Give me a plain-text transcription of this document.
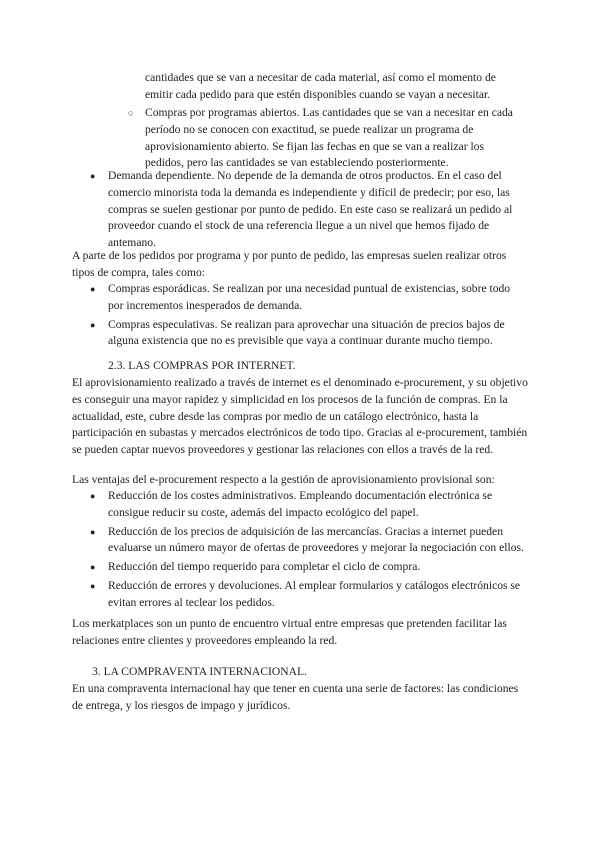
cantidades que se van a necesitar de cada material, así como el momento de emitir cada pedido para que estén disponibles cuando se vayan a necesitar.
○ Compras por programas abiertos. Las cantidades que se van a necesitar en cada período no se conocen con exactitud, se puede realizar un programa de aprovisionamiento abierto. Se fijan las fechas en que se van a realizar los pedidos, pero las cantidades se van estableciendo posteriormente.
● Demanda dependiente. No depende de la demanda de otros productos. En el caso del comercio minorista toda la demanda es independiente y difícil de predecir; por eso, las compras se suelen gestionar por punto de pedido. En este caso se realizará un pedido al proveedor cuando el stock de una referencia llegue a un nivel que hemos fijado de antemano.
A parte de los pedidos por programa y por punto de pedido, las empresas suelen realizar otros tipos de compra, tales como:
● Compras esporádicas. Se realizan por una necesidad puntual de existencias, sobre todo por incrementos inesperados de demanda.
● Compras especulativas. Se realizan para aprovechar una situación de precios bajos de alguna existencia que no es previsible que vaya a continuar durante mucho tiempo.
2.3. LAS COMPRAS POR INTERNET.
El aprovisionamiento realizado a través de internet es el denominado e-procurement, y su objetivo es conseguir una mayor rapidez y simplicidad en los procesos de la función de compras. En la actualidad, este, cubre desde las compras por medio de un catálogo electrónico, hasta la participación en subastas y mercados electrónicos de todo tipo. Gracias al e-procurement, también se pueden captar nuevos proveedores y gestionar las relaciones con ellos a través de la red.
Las ventajas del e-procurement respecto a la gestión de aprovisionamiento provisional son:
● Reducción de los costes administrativos. Empleando documentación electrónica se consigue reducir su coste, además del impacto ecológico del papel.
● Reducción de los precios de adquisición de las mercancías. Gracias a internet pueden evaluarse un número mayor de ofertas de proveedores y mejorar la negociación con ellos.
● Reducción del tiempo requerido para completar el ciclo de compra.
● Reducción de errores y devoluciones. Al emplear formularios y catálogos electrónicos se evitan errores al teclear los pedidos.
Los merkatplaces son un punto de encuentro virtual entre empresas que pretenden facilitar las relaciones entre clientes y proveedores empleando la red.
3. LA COMPRAVENTA INTERNACIONAL.
En una compraventa internacional hay que tener en cuenta una serie de factores: las condiciones de entrega, y los riesgos de impago y jurídicos.
